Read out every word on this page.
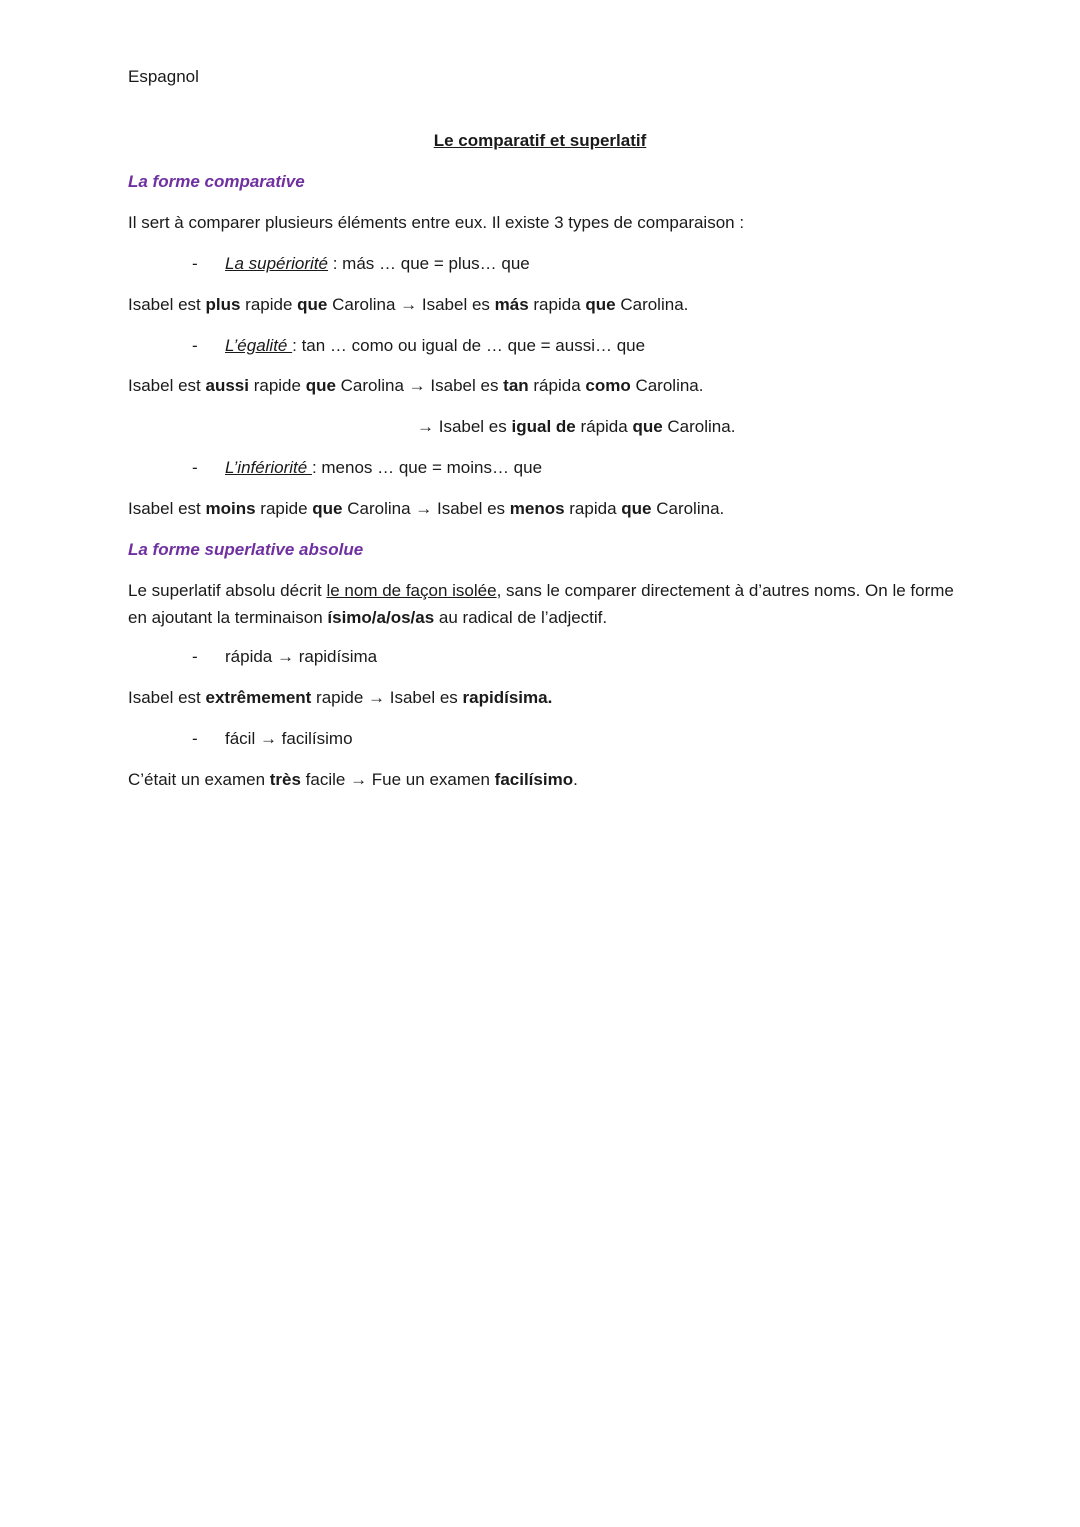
Espagnol
Le comparatif et superlatif
La forme comparative
Il sert à comparer plusieurs éléments entre eux. Il existe 3 types de comparaison :
- La supériorité : más … que = plus… que
Isabel est plus rapide que Carolina → Isabel es más rapida que Carolina.
- L’égalité : tan … como ou igual de … que = aussi… que
Isabel est aussi rapide que Carolina → Isabel es tan rápida como Carolina.
→ Isabel es igual de rápida que Carolina.
- L’infériorité : menos … que = moins… que
Isabel est moins rapide que Carolina → Isabel es menos rapida que Carolina.
La forme superlative absolue
Le superlatif absolu décrit le nom de façon isolée, sans le comparer directement à d’autres noms. On le forme en ajoutant la terminaison ísimo/a/os/as au radical de l’adjectif.
- rápida → rapidísima
Isabel est extrêmement rapide → Isabel es rapidísima.
- fácil → facilísimo
C’était un examen très facile → Fue un examen facilísimo.
